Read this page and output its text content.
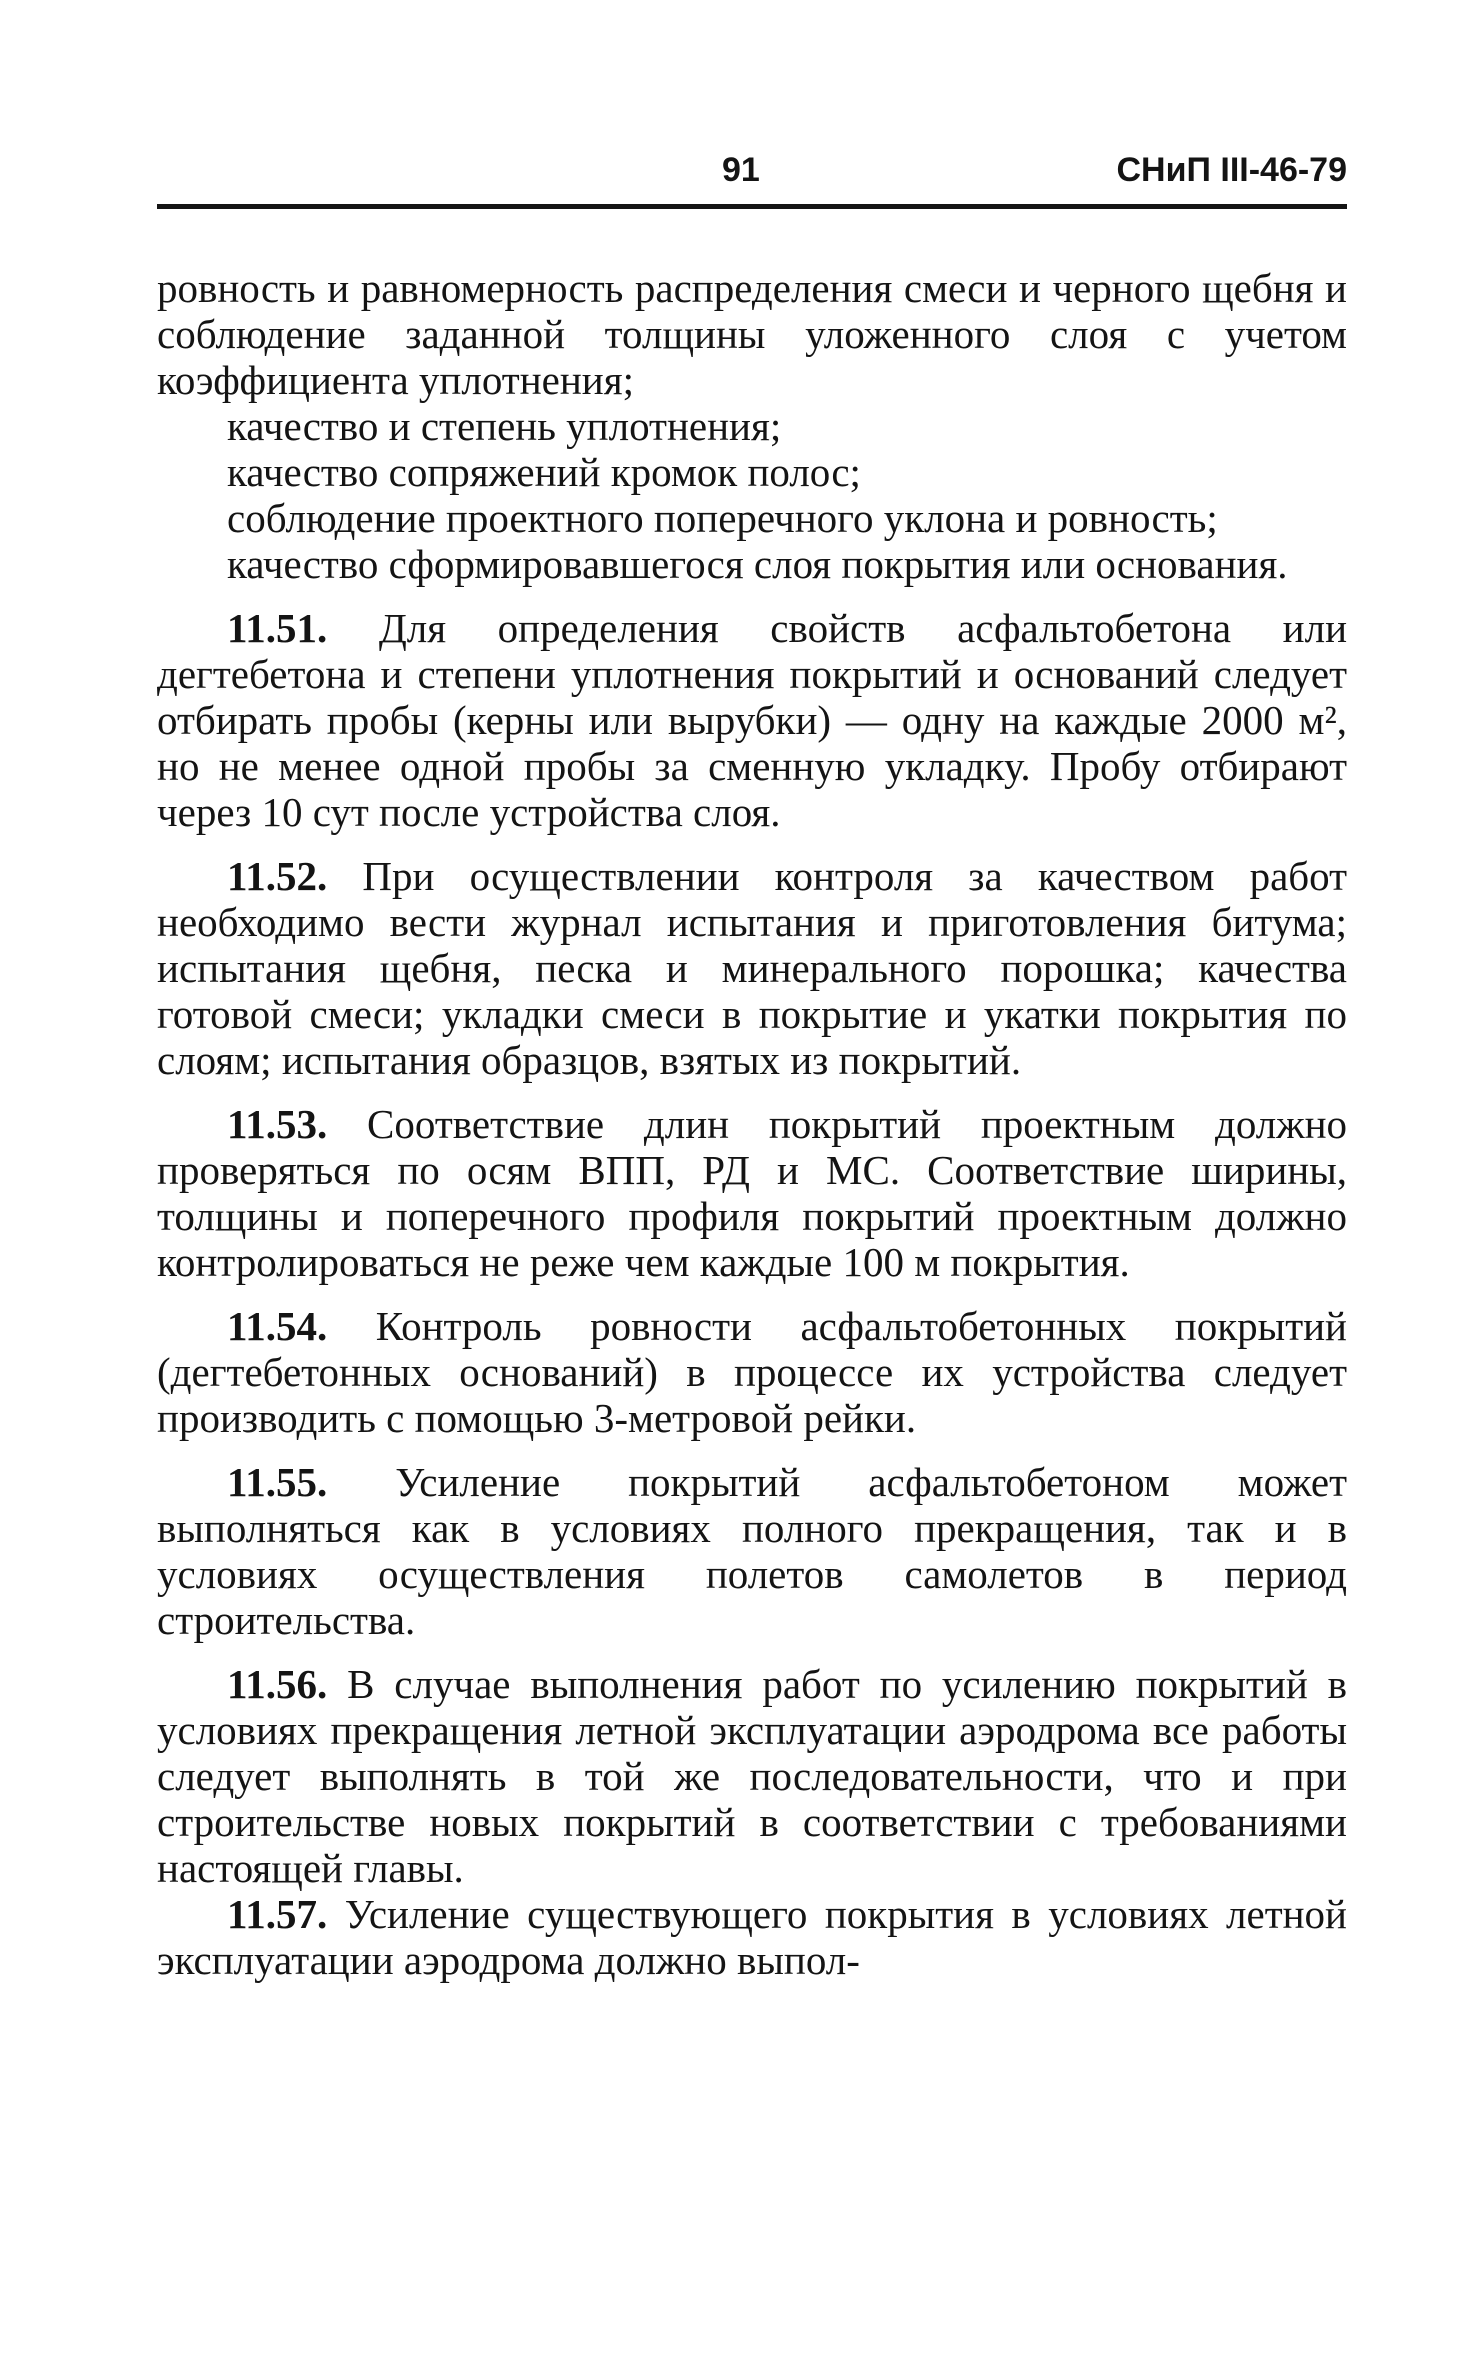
91	СНиП III-46-79

ровность и равномерность распределения смеси и черного щебня и соблюдение заданной толщины уложенного слоя с учетом коэффициента уплотнения;

качество и степень уплотнения;

качество сопряжений кромок полос;

соблюдение проектного поперечного уклона и ровность;

качество сформировавшегося слоя покрытия или основания.

11.51. Для определения свойств асфальтобетона или дегтебетона и степени уплотнения покрытий и оснований следует отбирать пробы (керны или вырубки) — одну на каждые 2000 м², но не менее одной пробы за сменную укладку. Пробу отбирают через 10 сут после устройства слоя.

11.52. При осуществлении контроля за качеством работ необходимо вести журнал испытания и приготовления битума; испытания щебня, песка и минерального порошка; качества готовой смеси; укладки смеси в покрытие и укатки покрытия по слоям; испытания образцов, взятых из покрытий.

11.53. Соответствие длин покрытий проектным должно проверяться по осям ВПП, РД и МС. Соответствие ширины, толщины и поперечного профиля покрытий проектным должно контролироваться не реже чем каждые 100 м покрытия.

11.54. Контроль ровности асфальтобетонных покрытий (дегтебетонных оснований) в процессе их устройства следует производить с помощью 3-метровой рейки.

11.55. Усиление покрытий асфальтобетоном может выполняться как в условиях полного прекращения, так и в условиях осуществления полетов самолетов в период строительства.

11.56. В случае выполнения работ по усилению покрытий в условиях прекращения летной эксплуатации аэродрома все работы следует выполнять в той же последовательности, что и при строительстве новых покрытий в соответствии с требованиями настоящей главы.

11.57. Усиление существующего покрытия в условиях летной эксплуатации аэродрома должно выпол-
